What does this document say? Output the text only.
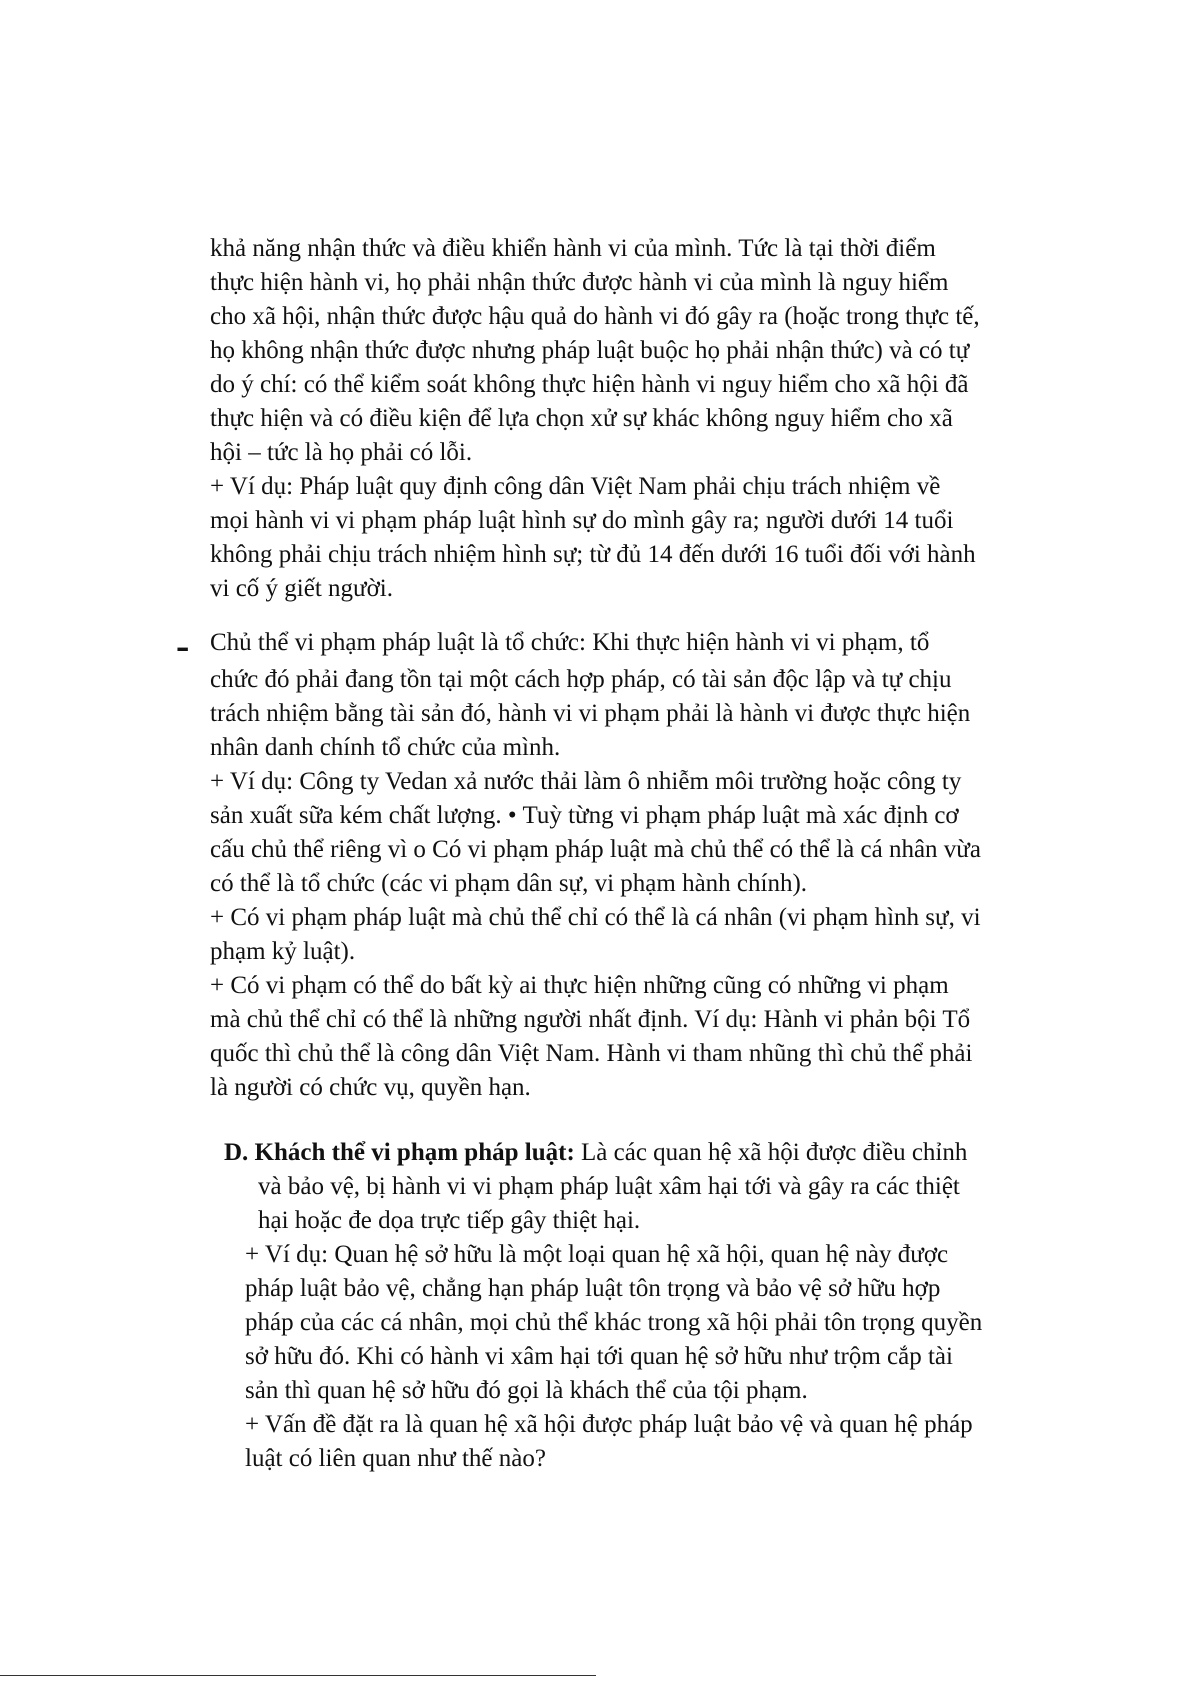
khả năng nhận thức và điều khiển hành vi của mình. Tức là tại thời điểm
thực hiện hành vi, họ phải nhận thức được hành vi của mình là nguy hiểm
cho xã hội, nhận thức được hậu quả do hành vi đó gây ra (hoặc trong thực tế,
họ không nhận thức được nhưng pháp luật buộc họ phải nhận thức) và có tự
do ý chí: có thể kiểm soát không thực hiện hành vi nguy hiểm cho xã hội đã
thực hiện và có điều kiện để lựa chọn xử sự khác không nguy hiểm cho xã
hội – tức là họ phải có lỗi.
+ Ví dụ: Pháp luật quy định công dân Việt Nam phải chịu trách nhiệm về
mọi hành vi vi phạm pháp luật hình sự do mình gây ra; người dưới 14 tuổi
không phải chịu trách nhiệm hình sự; từ đủ 14 đến dưới 16 tuổi đối với hành
vi cố ý giết người.
- Chủ thể vi phạm pháp luật là tổ chức: Khi thực hiện hành vi vi phạm, tổ
chức đó phải đang tồn tại một cách hợp pháp, có tài sản độc lập và tự chịu
trách nhiệm bằng tài sản đó, hành vi vi phạm phải là hành vi được thực hiện
nhân danh chính tổ chức của mình.
+ Ví dụ: Công ty Vedan xả nước thải làm ô nhiễm môi trường hoặc công ty
sản xuất sữa kém chất lượng. • Tuỳ từng vi phạm pháp luật mà xác định cơ
cấu chủ thể riêng vì o Có vi phạm pháp luật mà chủ thể có thể là cá nhân vừa
có thể là tổ chức (các vi phạm dân sự, vi phạm hành chính).
+ Có vi phạm pháp luật mà chủ thể chỉ có thể là cá nhân (vi phạm hình sự, vi
phạm kỷ luật).
+ Có vi phạm có thể do bất kỳ ai thực hiện những cũng có những vi phạm
mà chủ thể chỉ có thể là những người nhất định. Ví dụ: Hành vi phản bội Tổ
quốc thì chủ thể là công dân Việt Nam. Hành vi tham nhũng thì chủ thể phải
là người có chức vụ, quyền hạn.
D. Khách thể vi phạm pháp luật: Là các quan hệ xã hội được điều chỉnh
và bảo vệ, bị hành vi vi phạm pháp luật xâm hại tới và gây ra các thiệt
hại hoặc đe dọa trực tiếp gây thiệt hại.
+ Ví dụ: Quan hệ sở hữu là một loại quan hệ xã hội, quan hệ này được
pháp luật bảo vệ, chẳng hạn pháp luật tôn trọng và bảo vệ sở hữu hợp
pháp của các cá nhân, mọi chủ thể khác trong xã hội phải tôn trọng quyền
sở hữu đó. Khi có hành vi xâm hại tới quan hệ sở hữu như trộm cắp tài
sản thì quan hệ sở hữu đó gọi là khách thể của tội phạm.
+ Vấn đề đặt ra là quan hệ xã hội được pháp luật bảo vệ và quan hệ pháp
luật có liên quan như thế nào?
